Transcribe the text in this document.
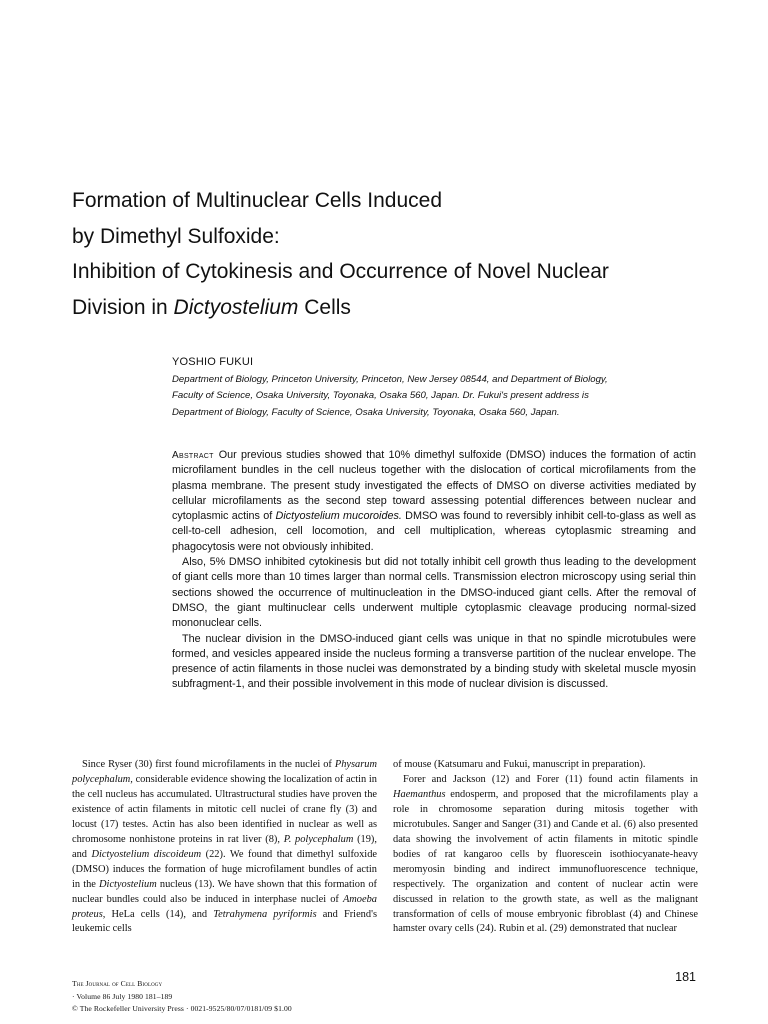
Formation of Multinuclear Cells Induced
by Dimethyl Sulfoxide:
Inhibition of Cytokinesis and Occurrence of Novel Nuclear
Division in Dictyostelium Cells
YOSHIO FUKUI
Department of Biology, Princeton University, Princeton, New Jersey 08544, and Department of Biology,
Faculty of Science, Osaka University, Toyonaka, Osaka 560, Japan. Dr. Fukui's present address is
Department of Biology, Faculty of Science, Osaka University, Toyonaka, Osaka 560, Japan.

Abstract Our previous studies showed that 10% dimethyl sulfoxide (DMSO) induces the formation of actin microfilament bundles in the cell nucleus together with the dislocation of cortical microfilaments from the plasma membrane. The present study investigated the effects of DMSO on diverse activities mediated by cellular microfilaments as the second step toward assessing potential differences between nuclear and cytoplasmic actins of Dictyostelium mucoroides. DMSO was found to reversibly inhibit cell-to-glass as well as cell-to-cell adhesion, cell locomotion, and cell multiplication, whereas cytoplasmic streaming and phagocytosis were not obviously inhibited.

Also, 5% DMSO inhibited cytokinesis but did not totally inhibit cell growth thus leading to the development of giant cells more than 10 times larger than normal cells. Transmission electron microscopy using serial thin sections showed the occurrence of multinucleation in the DMSO-induced giant cells. After the removal of DMSO, the giant multinuclear cells underwent multiple cytoplasmic cleavage producing normal-sized mononuclear cells.

The nuclear division in the DMSO-induced giant cells was unique in that no spindle microtubules were formed, and vesicles appeared inside the nucleus forming a transverse partition of the nuclear envelope. The presence of actin filaments in those nuclei was demonstrated by a binding study with skeletal muscle myosin subfragment-1, and their possible involvement in this mode of nuclear division is discussed.

Since Ryser (30) first found microfilaments in the nuclei of Physarum polycephalum, considerable evidence showing the localization of actin in the cell nucleus has accumulated. Ultrastructural studies have proven the existence of actin filaments in mitotic cell nuclei of crane fly (3) and locust (17) testes. Actin has also been identified in nuclear as well as chromosome nonhistone proteins in rat liver (8), P. polycephalum (19), and Dictyostelium discoideum (22). We found that dimethyl sulfoxide (DMSO) induces the formation of huge microfilament bundles of actin in the Dictyostelium nucleus (13). We have shown that this formation of nuclear bundles could also be induced in interphase nuclei of Amoeba proteus, HeLa cells (14), and Tetrahymena pyriformis and Friend's leukemic cells

of mouse (Katsumaru and Fukui, manuscript in preparation).

Forer and Jackson (12) and Forer (11) found actin filaments in Haemanthus endosperm, and proposed that the microfilaments play a role in chromosome separation during mitosis together with microtubules. Sanger and Sanger (31) and Cande et al. (6) also presented data showing the involvement of actin filaments in mitotic spindle bodies of rat kangaroo cells by fluorescein isothiocyanate-heavy meromyosin binding and indirect immunofluorescence technique, respectively. The organization and content of nuclear actin were discussed in relation to the growth state, as well as the malignant transformation of cells of mouse embryonic fibroblast (4) and Chinese hamster ovary cells (24). Rubin et al. (29) demonstrated that nuclear

The Journal of Cell Biology
· Volume 86 July 1980 181–189
© The Rockefeller University Press · 0021-9525/80/07/0181/09 $1.00
181
